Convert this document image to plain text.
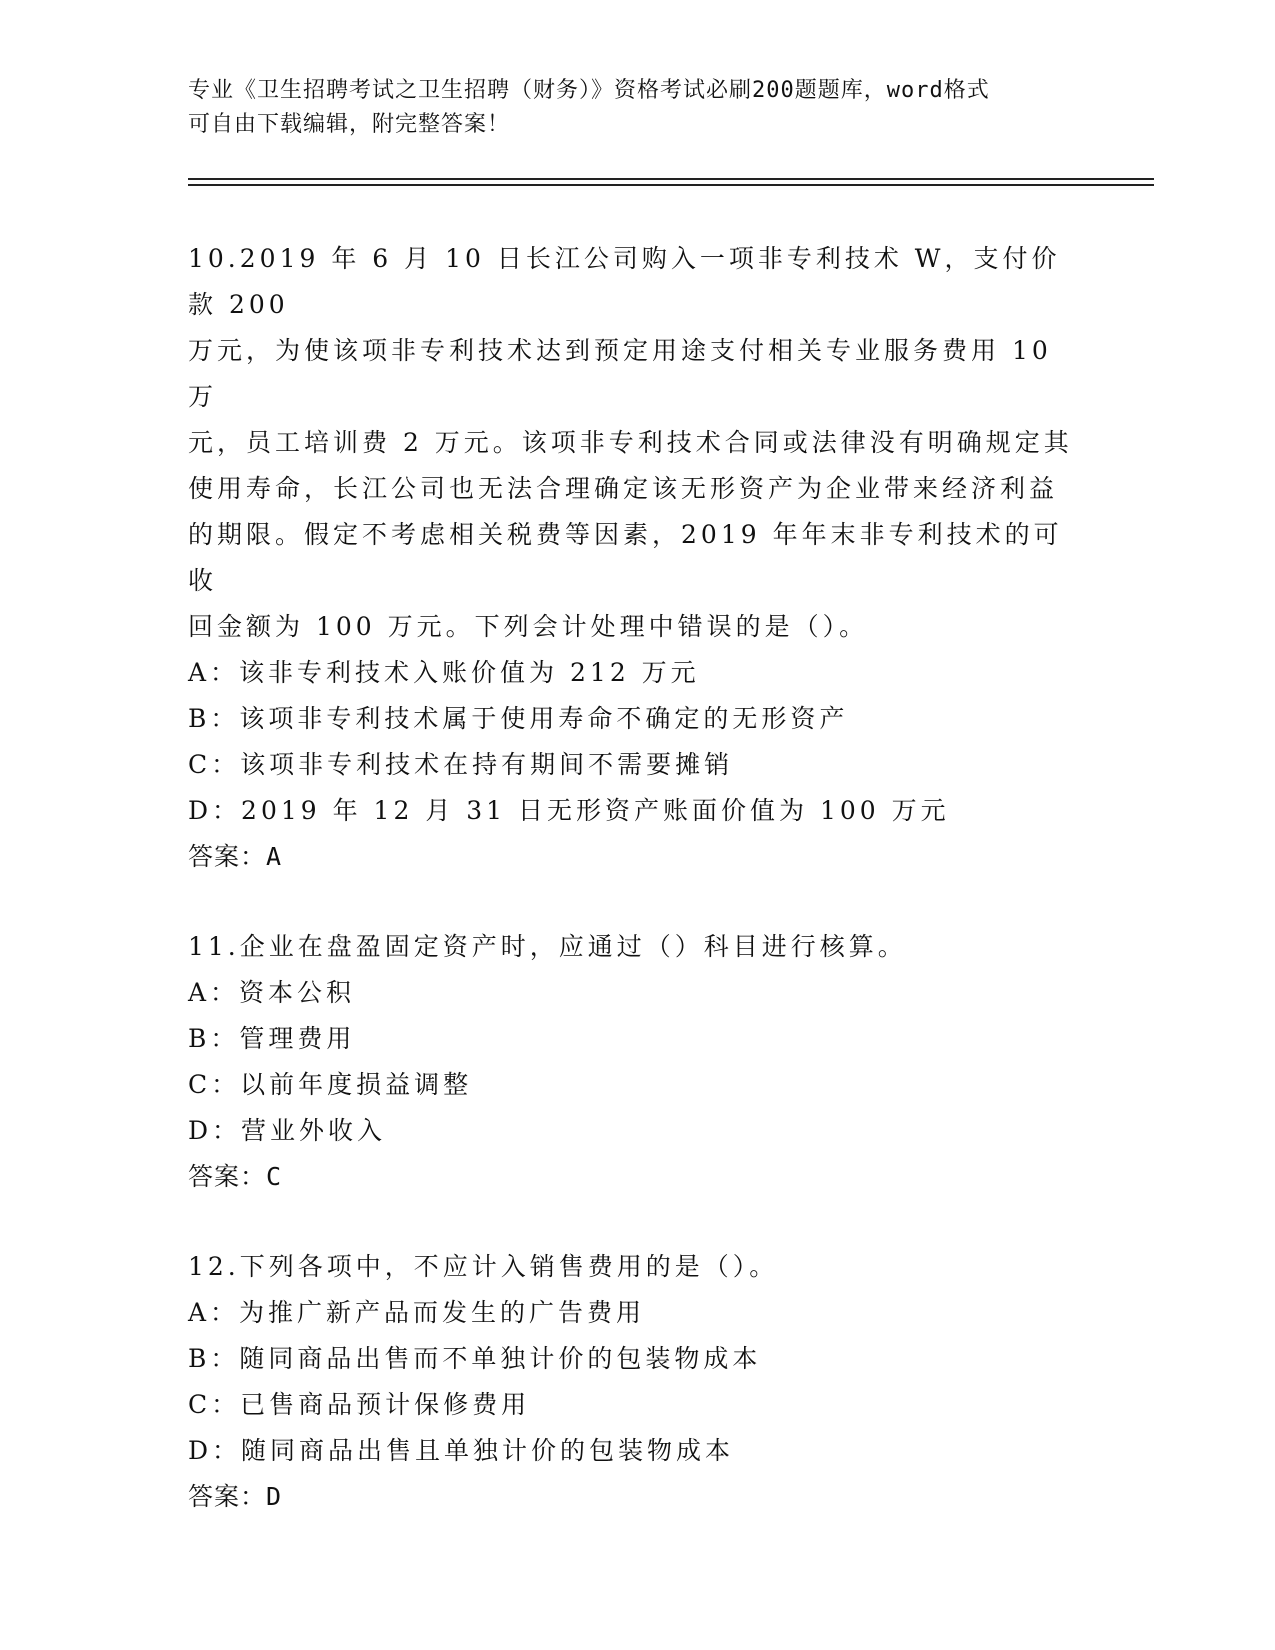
专业《卫生招聘考试之卫生招聘（财务）》资格考试必刷200题题库，word格式
可自由下载编辑，附完整答案！

10.2019 年 6 月 10 日长江公司购入一项非专利技术 W，支付价款 200

万元，为使该项非专利技术达到预定用途支付相关专业服务费用 10 万

元，员工培训费 2 万元。该项非专利技术合同或法律没有明确规定其

使用寿命，长江公司也无法合理确定该无形资产为企业带来经济利益

的期限。假定不考虑相关税费等因素，2019 年年末非专利技术的可收

回金额为 100 万元。下列会计处理中错误的是（）。

A：该非专利技术入账价值为 212 万元

B：该项非专利技术属于使用寿命不确定的无形资产

C：该项非专利技术在持有期间不需要摊销

D：2019 年 12 月 31 日无形资产账面价值为 100 万元

答案：A

11.企业在盘盈固定资产时，应通过（）科目进行核算。

A：资本公积

B：管理费用

C：以前年度损益调整

D：营业外收入

答案：C

12.下列各项中，不应计入销售费用的是（）。

A：为推广新产品而发生的广告费用

B：随同商品出售而不单独计价的包装物成本

C：已售商品预计保修费用

D：随同商品出售且单独计价的包装物成本

答案：D
